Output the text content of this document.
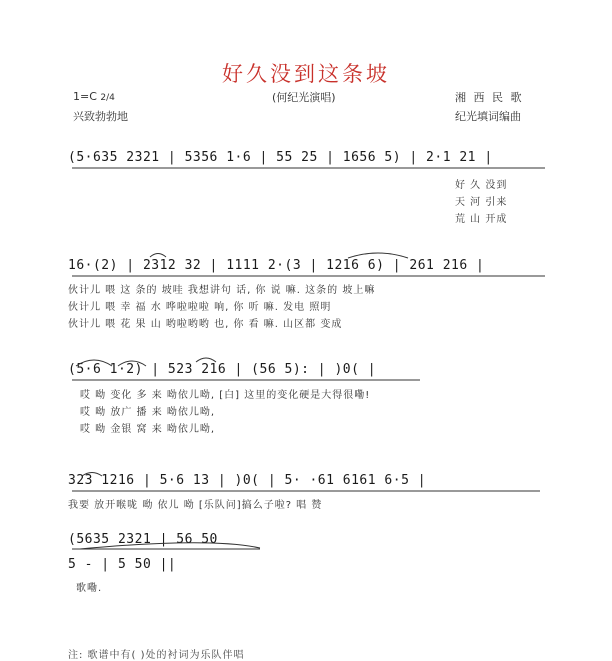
好久没到这条坡
1=C 2/4	(何纪光演唱)	湘 西 民 歌
兴致勃勃地	纪光填词编曲
(5·635 2321 | 5356 1·6 | 55 25 | 1656 5) | 2·1 21 |
好 久 没到
天 河 引来
荒 山 开成
16·(2) | 2312 32 | 1111 2·(3 | 1216 6) | 261 216 |
伙计儿 喂 这 条的 坡哇 我想讲句 话, 你 说 嘛. 这条的 坡上嘛
伙计儿 喂 幸 福 水 哗啦啦啦 响, 你 听 嘛. 发电 照明
伙计儿 喂 花 果 山 哟啦哟哟 也, 你 看 嘛. 山区都 变成
(5·6 1·2) | 523 216 | (56 5): | )0( |
哎 呦 变化 多 来 呦依儿呦, [白] 这里的变化硬是大得很嘞!
哎 呦 放广 播 来 呦依儿呦,
哎 呦 金银 窝 来 呦依儿呦,
323 1216 | 5·6 13 | )0( | 5· ·61 6161 6·5 |
我要 放开喉咙 呦 依儿 呦 [乐队问]搞么子啦? 唱 赞
(5635 2321 | 56 50
5 - | 5 50 ||
歌嘞.
注: 歌谱中有( )处的衬词为乐队伴唱
